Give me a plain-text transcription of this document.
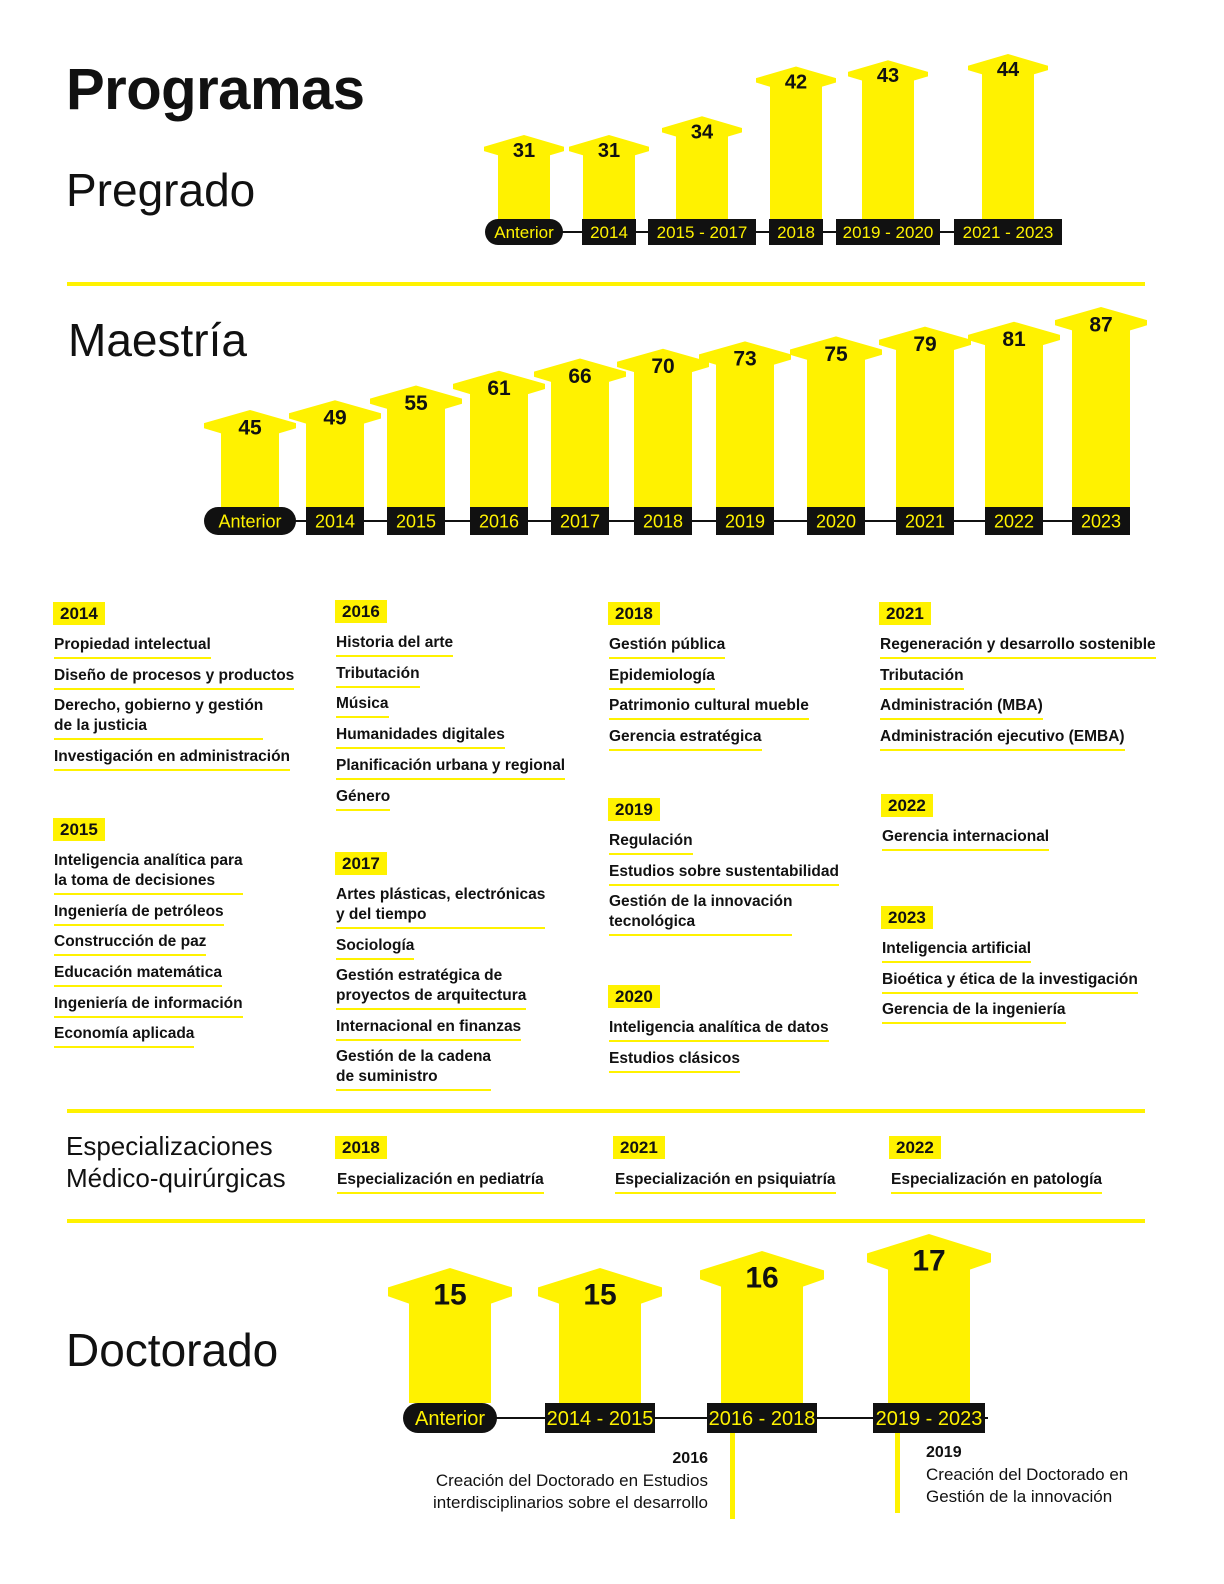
Programas
Pregrado
Maestría
Especializaciones
Médico-quirúrgicas
Doctorado
31
Anterior
31
2014
34
2015 - 2017
42
2018
43
2019 - 2020
44
2021 - 2023
45
Anterior
49
2014
55
2015
61
2016
66
2017
70
2018
73
2019
75
2020
79
2021
81
2022
87
2023
15
Anterior
15
2014 - 2015
16
2016 - 2018
17
2019 - 2023
2014
Propiedad intelectual
Diseño de procesos y productos
Derecho, gobierno y gestión
de la justicia
Investigación en administración
2015
Inteligencia analítica para
la toma de decisiones
Ingeniería de petróleos
Construcción de paz
Educación matemática
Ingeniería de información
Economía aplicada
2016
Historia del arte
Tributación
Música
Humanidades digitales
Planificación urbana y regional
Género
2017
Artes plásticas, electrónicas
y del tiempo
Sociología
Gestión estratégica de
proyectos de arquitectura
Internacional en finanzas
Gestión de la cadena
de suministro
2018
Gestión pública
Epidemiología
Patrimonio cultural mueble
Gerencia estratégica
2019
Regulación
Estudios sobre sustentabilidad
Gestión de la innovación
tecnológica
2020
Inteligencia analítica de datos
Estudios clásicos
2021
Regeneración y desarrollo sostenible
Tributación
Administración (MBA)
Administración ejecutivo (EMBA)
2022
Gerencia internacional
2023
Inteligencia artificial
Bioética y ética de la investigación
Gerencia de la ingeniería
2018
Especialización en pediatría
2021
Especialización en psiquiatría
2022
Especialización en patología
2016
Creación del Doctorado en Estudios
interdisciplinarios sobre el desarrollo
2019
Creación del Doctorado en
Gestión de la innovación
